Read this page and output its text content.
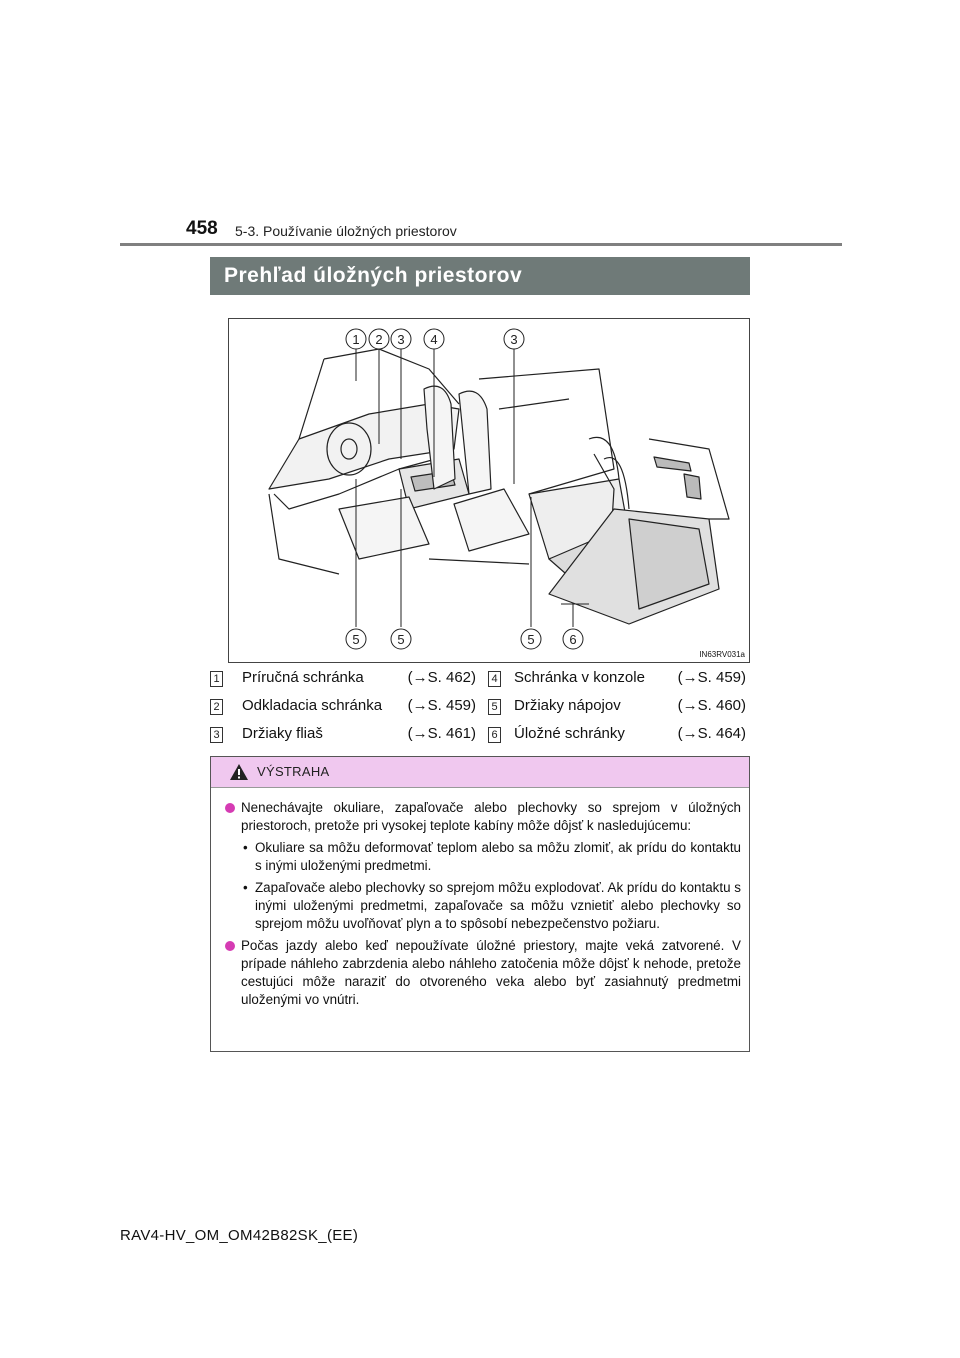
458 5-3. Používanie úložných priestorov
Prehľad úložných priestorov
1 2 3 4	3
5	5	5	6
IN63RV031a
1 Príručná schránka	(→S. 462)	4 Schránka v konzole (→S. 459)
2 Odkladacia schránka (→S. 459)	5 Držiaky nápojov	(→S. 460)
3 Držiaky fliaš	(→S. 461)	6 Úložné schránky	(→S. 464)
VÝSTRAHA
Nenechávajte okuliare, zapaľovače alebo plechovky so sprejom v úložných priestoroch, pretože pri vysokej teplote kabíny môže dôjsť k nasledujúcemu:
• Okuliare sa môžu deformovať teplom alebo sa môžu zlomiť, ak prídu do kontaktu s inými uloženými predmetmi.
• Zapaľovače alebo plechovky so sprejom môžu explodovať. Ak prídu do kontaktu s inými uloženými predmetmi, zapaľovače sa môžu vznietiť alebo plechovky so sprejom môžu uvoľňovať plyn a to spôsobí nebezpečenstvo požiaru.
Počas jazdy alebo keď nepoužívate úložné priestory, majte veká zatvorené. V prípade náhleho zabrzdenia alebo náhleho zatočenia môže dôjsť k nehode, pretože cestujúci môže naraziť do otvoreného veka alebo byť zasiahnutý predmetmi uloženými vo vnútri.
RAV4-HV_OM_OM42B82SK_(EE)
